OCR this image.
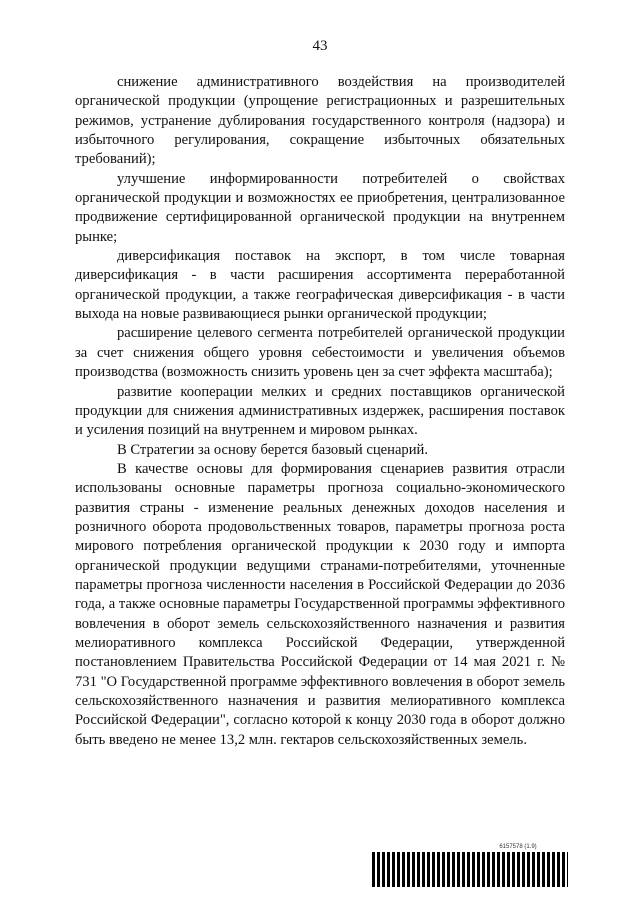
43

снижение административного воздействия на производителей органической продукции (упрощение регистрационных и разрешительных режимов, устранение дублирования государственного контроля (надзора) и избыточного регулирования, сокращение избыточных обязательных требований);

улучшение информированности потребителей о свойствах органической продукции и возможностях ее приобретения, централизованное продвижение сертифицированной органической продукции на внутреннем рынке;

диверсификация поставок на экспорт, в том числе товарная диверсификация - в части расширения ассортимента переработанной органической продукции, а также географическая диверсификация - в части выхода на новые развивающиеся рынки органической продукции;

расширение целевого сегмента потребителей органической продукции за счет снижения общего уровня себестоимости и увеличения объемов производства (возможность снизить уровень цен за счет эффекта масштаба);

развитие кооперации мелких и средних поставщиков органической продукции для снижения административных издержек, расширения поставок и усиления позиций на внутреннем и мировом рынках.

В Стратегии за основу берется базовый сценарий.

В качестве основы для формирования сценариев развития отрасли использованы основные параметры прогноза социально-экономического развития страны - изменение реальных денежных доходов населения и розничного оборота продовольственных товаров, параметры прогноза роста мирового потребления органической продукции к 2030 году и импорта органической продукции ведущими странами-потребителями, уточненные параметры прогноза численности населения в Российской Федерации до 2036 года, а также основные параметры Государственной программы эффективного вовлечения в оборот земель сельскохозяйственного назначения и развития мелиоративного комплекса Российской Федерации, утвержденной постановлением Правительства Российской Федерации от 14 мая 2021 г. № 731 "О Государственной программе эффективного вовлечения в оборот земель сельскохозяйственного назначения и развития мелиоративного комплекса Российской Федерации", согласно которой к концу 2030 года в оборот должно быть введено не менее 13,2 млн. гектаров сельскохозяйственных земель.

6157578 (1.9)
